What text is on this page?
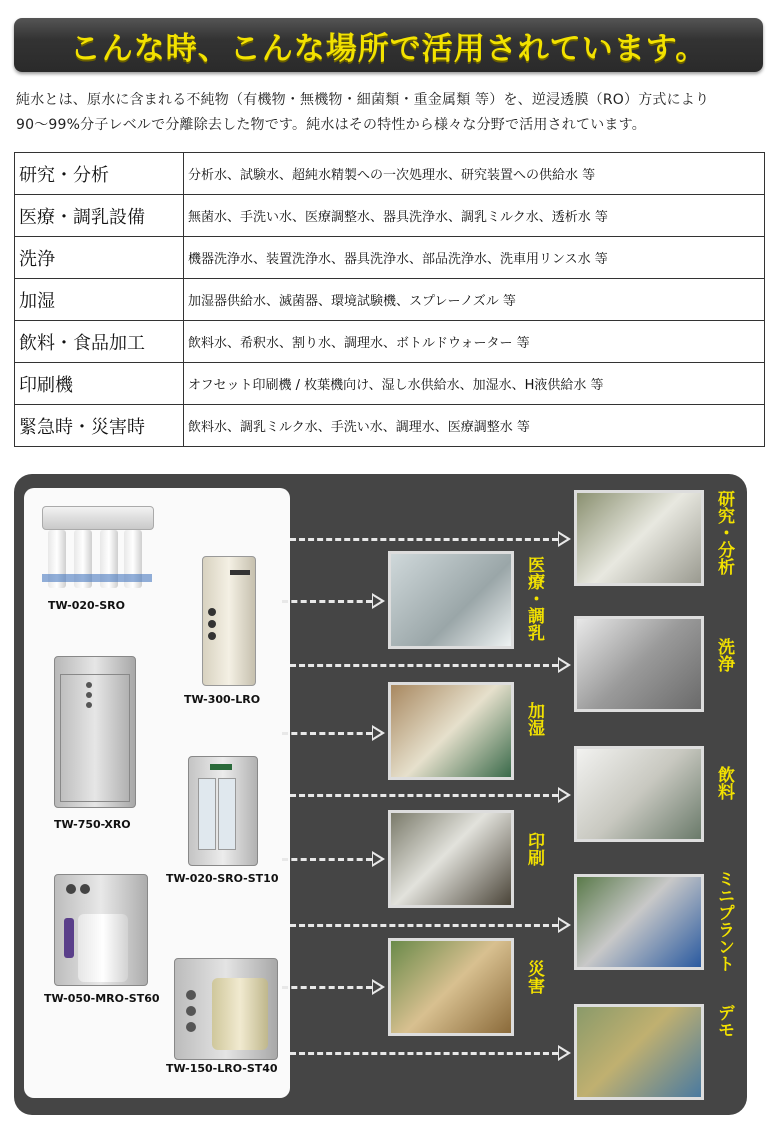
こんな時、こんな場所で活用されています。
純水とは、原水に含まれる不純物（有機物・無機物・細菌類・重金属類 等）を、逆浸透膜（RO）方式により
90〜99%分子レベルで分離除去した物です。純水はその特性から様々な分野で活用されています。
研究・分析	分析水、試験水、超純水精製への一次処理水、研究装置への供給水 等
医療・調乳設備	無菌水、手洗い水、医療調整水、器具洗浄水、調乳ミルク水、透析水 等
洗浄	機器洗浄水、装置洗浄水、器具洗浄水、部品洗浄水、洗車用リンス水 等
加湿	加湿器供給水、滅菌器、環境試験機、スプレーノズル 等
飲料・食品加工	飲料水、希釈水、割り水、調理水、ボトルドウォーター 等
印刷機	オフセット印刷機 / 枚葉機向け、湿し水供給水、加湿水、H液供給水 等
緊急時・災害時	飲料水、調乳ミルク水、手洗い水、調理水、医療調整水 等
TW-020-SRO
TW-300-LRO
TW-750-XRO
TW-020-SRO-ST10
TW-050-MRO-ST60
TW-150-LRO-ST40
医療・調乳
加湿
印刷
災害
研究・分析
洗浄
飲料
ミニプラント
デモ
